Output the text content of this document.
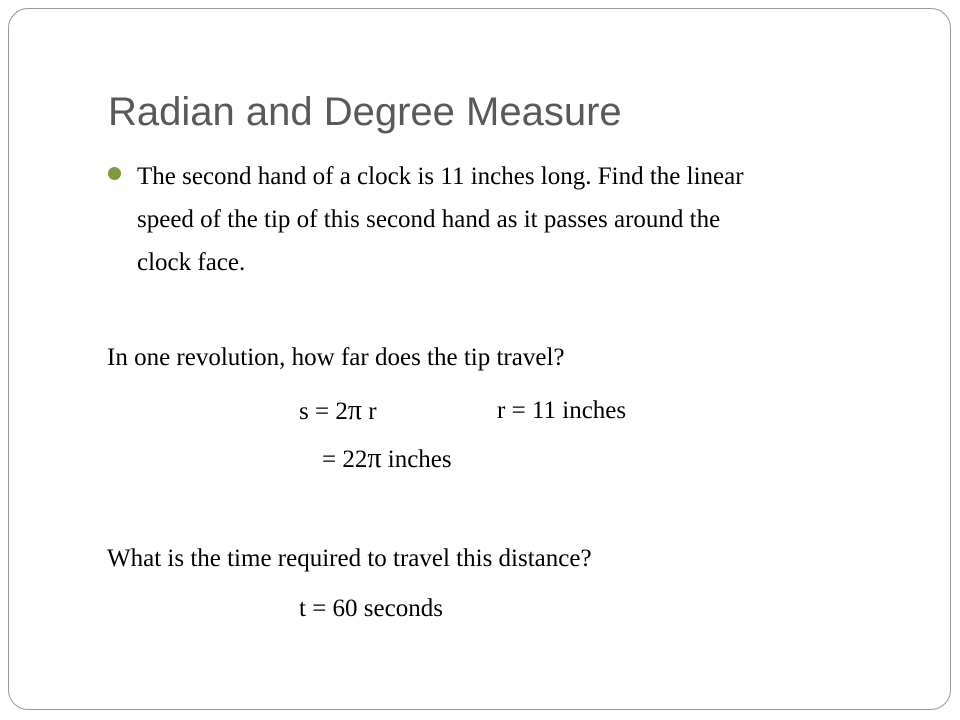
Radian and Degree Measure
The second hand of a clock is 11 inches long. Find the linear
speed of the tip of this second hand as it passes around the
clock face.
In one revolution, how far does the tip travel?
s = 2π r	r = 11 inches
= 22π inches
What is the time required to travel this distance?
t = 60 seconds
